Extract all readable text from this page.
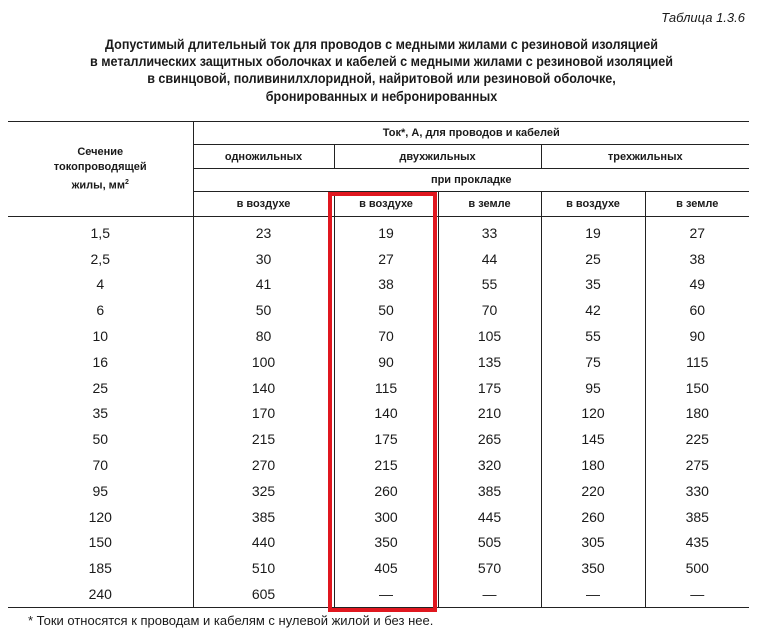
Таблица 1.3.6
Допустимый длительный ток для проводов с медными жилами с резиновой изоляцией
в металлических защитных оболочках и кабелей с медными жилами с резиновой изоляцией
в свинцовой, поливинилхлоридной, найритовой или резиновой оболочке,
бронированных и небронированных
Сечение токопроводящей жилы, $мм^2$	Ток*, А, для проводов и кабелей				
	одножильных	двухжильных		трехжильных	
	при прокладке				
	в воздухе	в воздухе	в земле	в воздухе	в земле
1,5	23	19	33	19	27
2,5	30	27	44	25	38
4	41	38	55	35	49
6	50	50	70	42	60
10	80	70	105	55	90
16	100	90	135	75	115
25	140	115	175	95	150
35	170	140	210	120	180
50	215	175	265	145	225
70	270	215	320	180	275
95	325	260	385	220	330
120	385	300	445	260	385
150	440	350	505	305	435
185	510	405	570	350	500
240	605	—	—	—	—
* Токи относятся к проводам и кабелям с нулевой жилой и без нее.					
